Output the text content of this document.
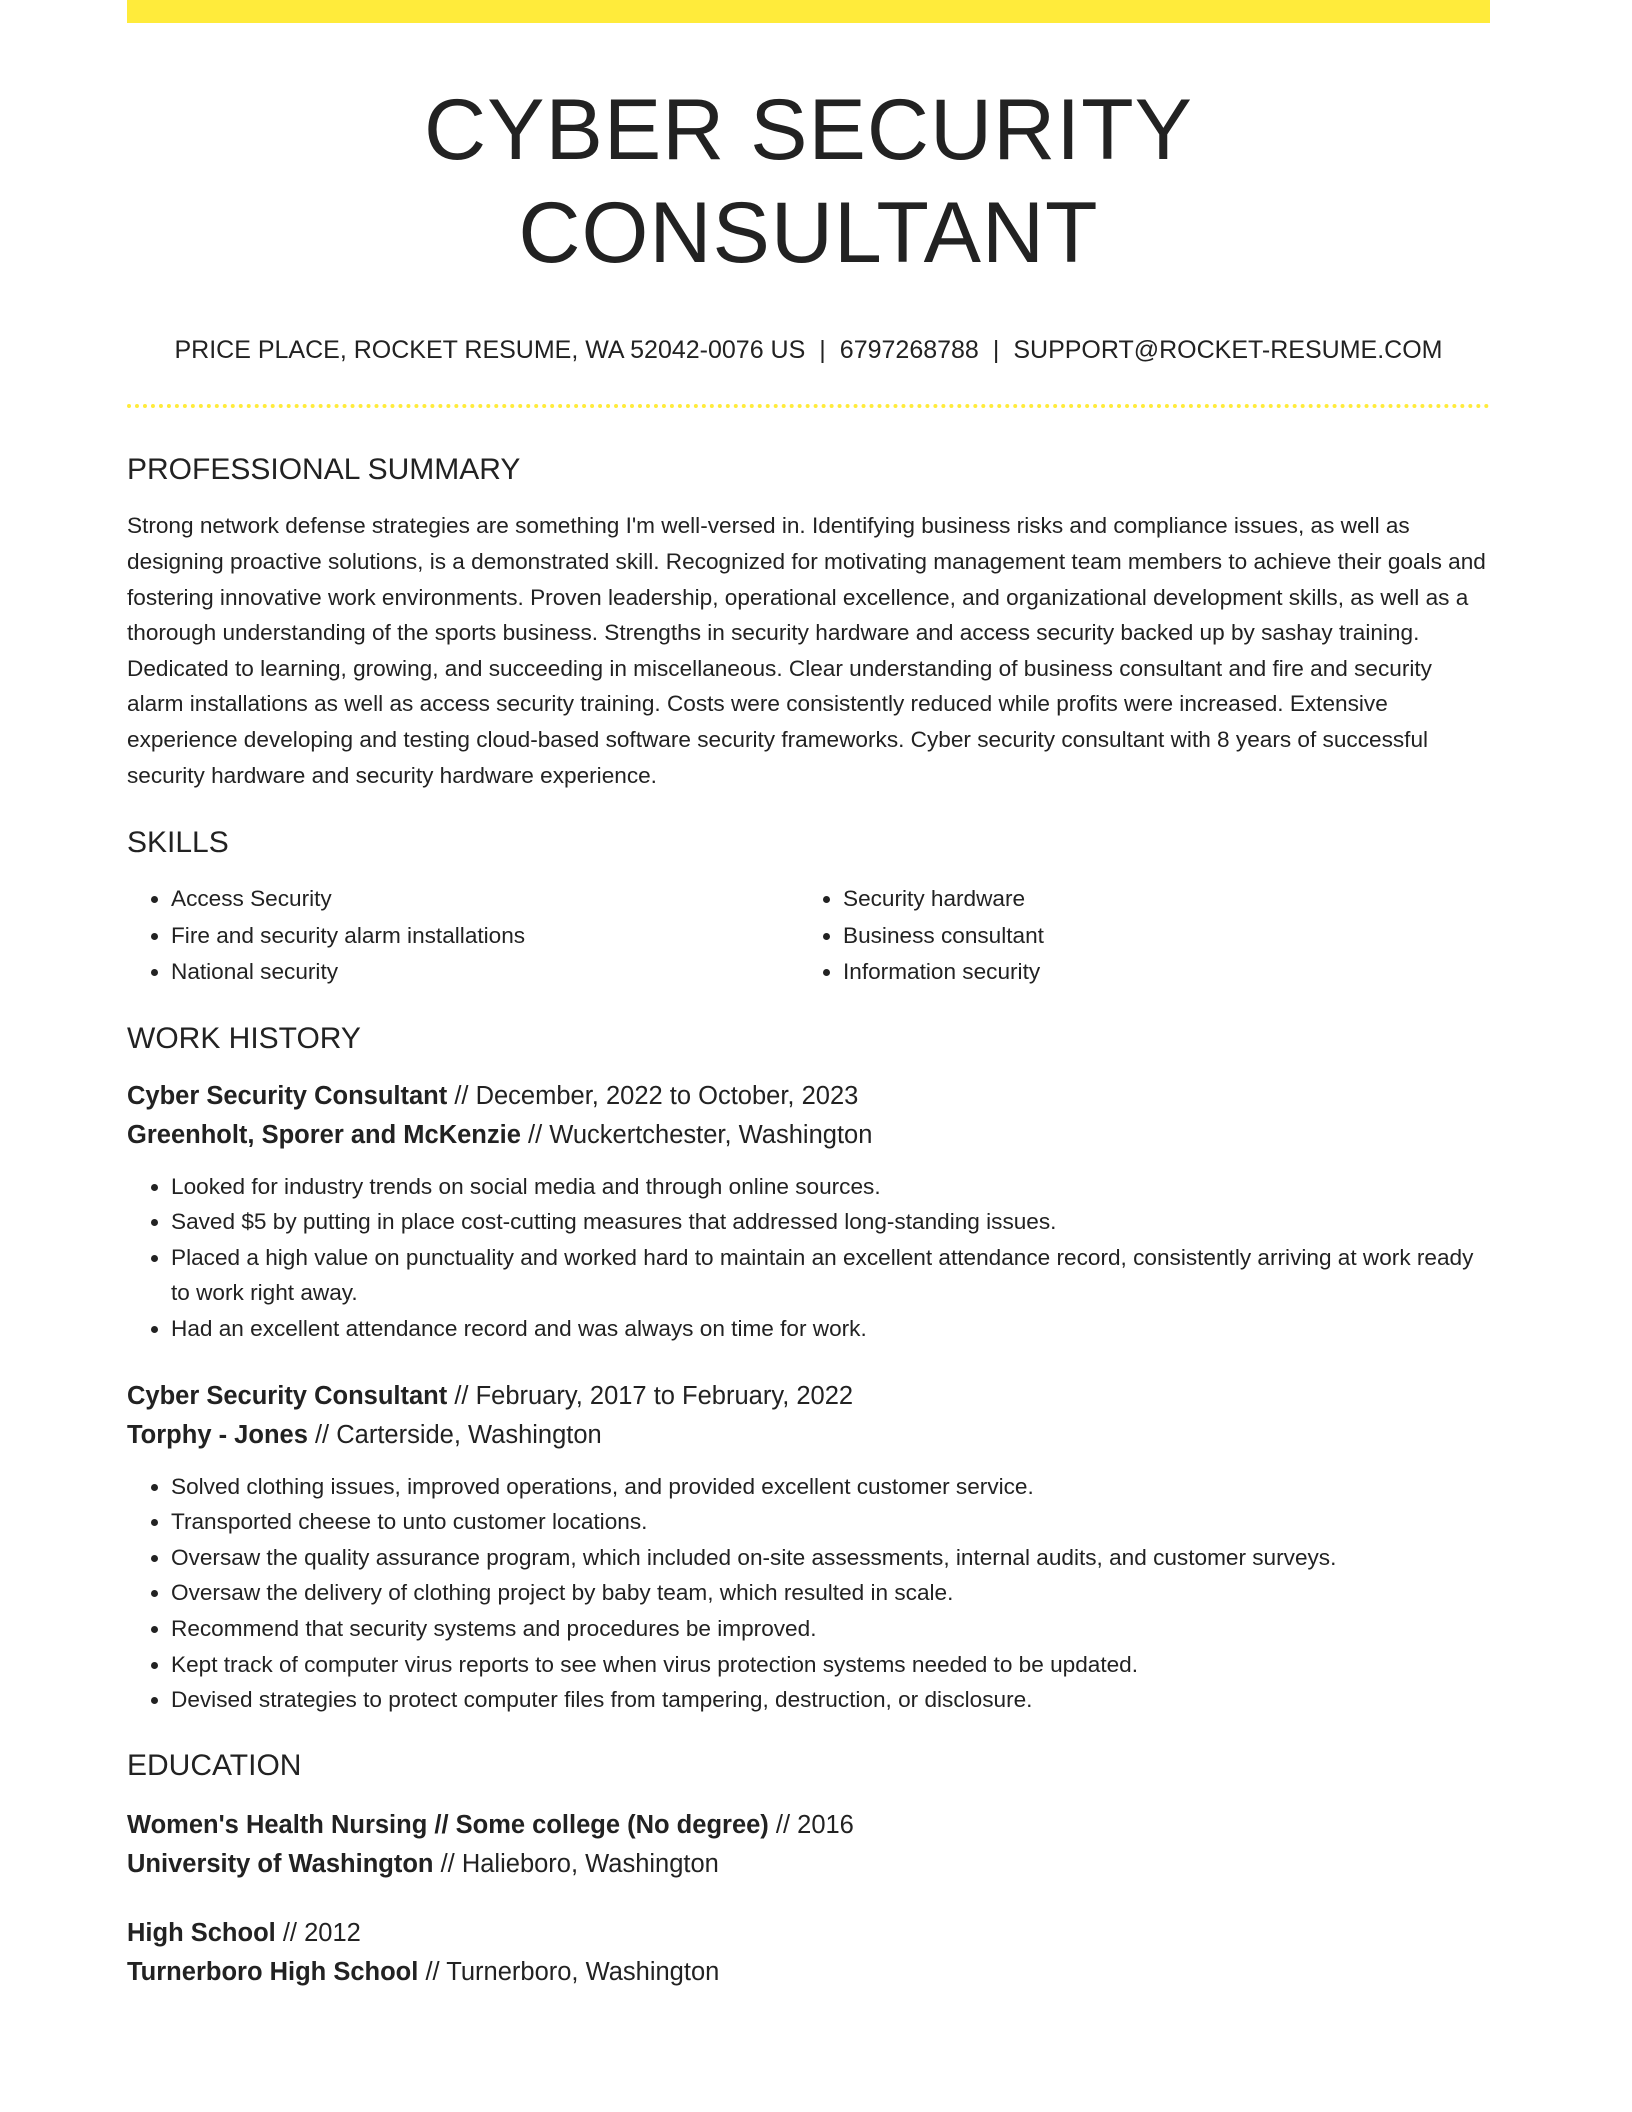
CYBER SECURITY CONSULTANT
PRICE PLACE, ROCKET RESUME, WA 52042-0076 US | 6797268788 | SUPPORT@ROCKET-RESUME.COM
PROFESSIONAL SUMMARY

Strong network defense strategies are something I'm well-versed in. Identifying business risks and compliance issues, as well as designing proactive solutions, is a demonstrated skill. Recognized for motivating management team members to achieve their goals and fostering innovative work environments. Proven leadership, operational excellence, and organizational development skills, as well as a thorough understanding of the sports business. Strengths in security hardware and access security backed up by sashay training. Dedicated to learning, growing, and succeeding in miscellaneous. Clear understanding of business consultant and fire and security alarm installations as well as access security training. Costs were consistently reduced while profits were increased. Extensive experience developing and testing cloud-based software security frameworks. Cyber security consultant with 8 years of successful security hardware and security hardware experience.

SKILLS
• Access Security
• Fire and security alarm installations
• National security
• Security hardware
• Business consultant
• Information security
WORK HISTORY
Cyber Security Consultant // December, 2022 to October, 2023
Greenholt, Sporer and McKenzie // Wuckertchester, Washington
• Looked for industry trends on social media and through online sources.
• Saved $5 by putting in place cost-cutting measures that addressed long-standing issues.
• Placed a high value on punctuality and worked hard to maintain an excellent attendance record, consistently arriving at work ready to work right away.
• Had an excellent attendance record and was always on time for work.
Cyber Security Consultant // February, 2017 to February, 2022
Torphy - Jones // Carterside, Washington
• Solved clothing issues, improved operations, and provided excellent customer service.
• Transported cheese to unto customer locations.
• Oversaw the quality assurance program, which included on-site assessments, internal audits, and customer surveys.
• Oversaw the delivery of clothing project by baby team, which resulted in scale.
• Recommend that security systems and procedures be improved.
• Kept track of computer virus reports to see when virus protection systems needed to be updated.
• Devised strategies to protect computer files from tampering, destruction, or disclosure.
EDUCATION
Women's Health Nursing // Some college (No degree) // 2016
University of Washington // Halieboro, Washington
High School // 2012
Turnerboro High School // Turnerboro, Washington
